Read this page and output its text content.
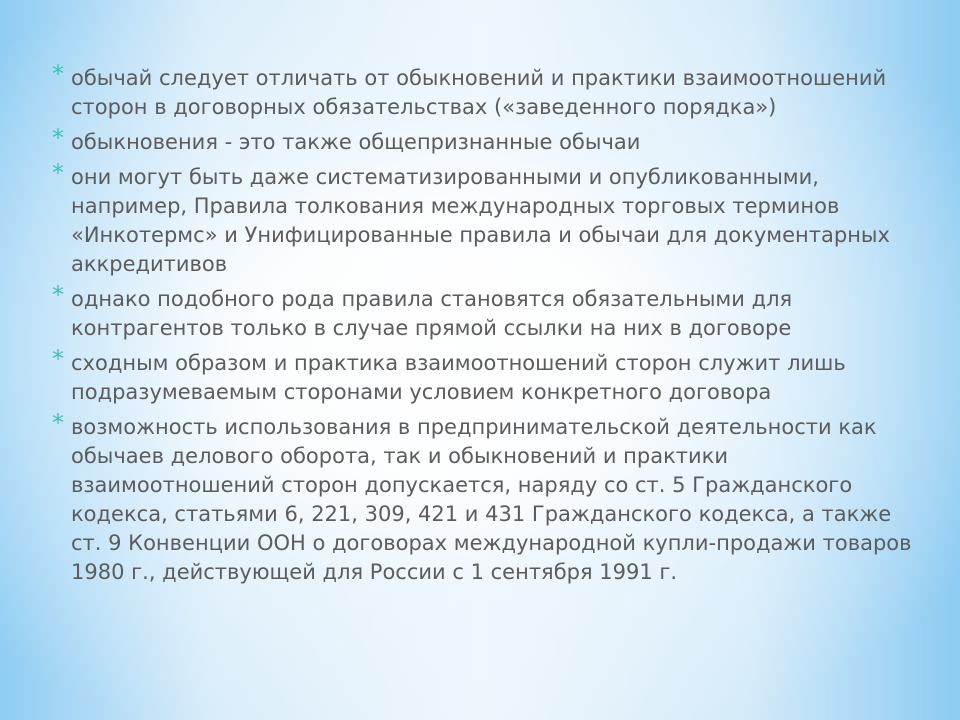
* обычай следует отличать от обыкновений и практики взаимоотношений сторон в договорных обязательствах («заведенного порядка»)
* обыкновения - это также общепризнанные обычаи
* они могут быть даже систематизированными и опубликованными, например, Правила толкования международных торговых терминов «Инкотермс» и Унифицированные правила и обычаи для документарных аккредитивов
* однако подобного рода правила становятся обязательными для контрагентов только в случае прямой ссылки на них в договоре
* сходным образом и практика взаимоотношений сторон служит лишь подразумеваемым сторонами условием конкретного договора
* возможность использования в предпринимательской деятельности как обычаев делового оборота, так и обыкновений и практики взаимоотношений сторон допускается, наряду со ст. 5 Гражданского кодекса, статьями 6, 221, 309, 421 и 431 Гражданского кодекса, а также ст. 9 Конвенции ООН о договорах международной купли-продажи товаров 1980 г., действующей для России с 1 сентября 1991 г.
